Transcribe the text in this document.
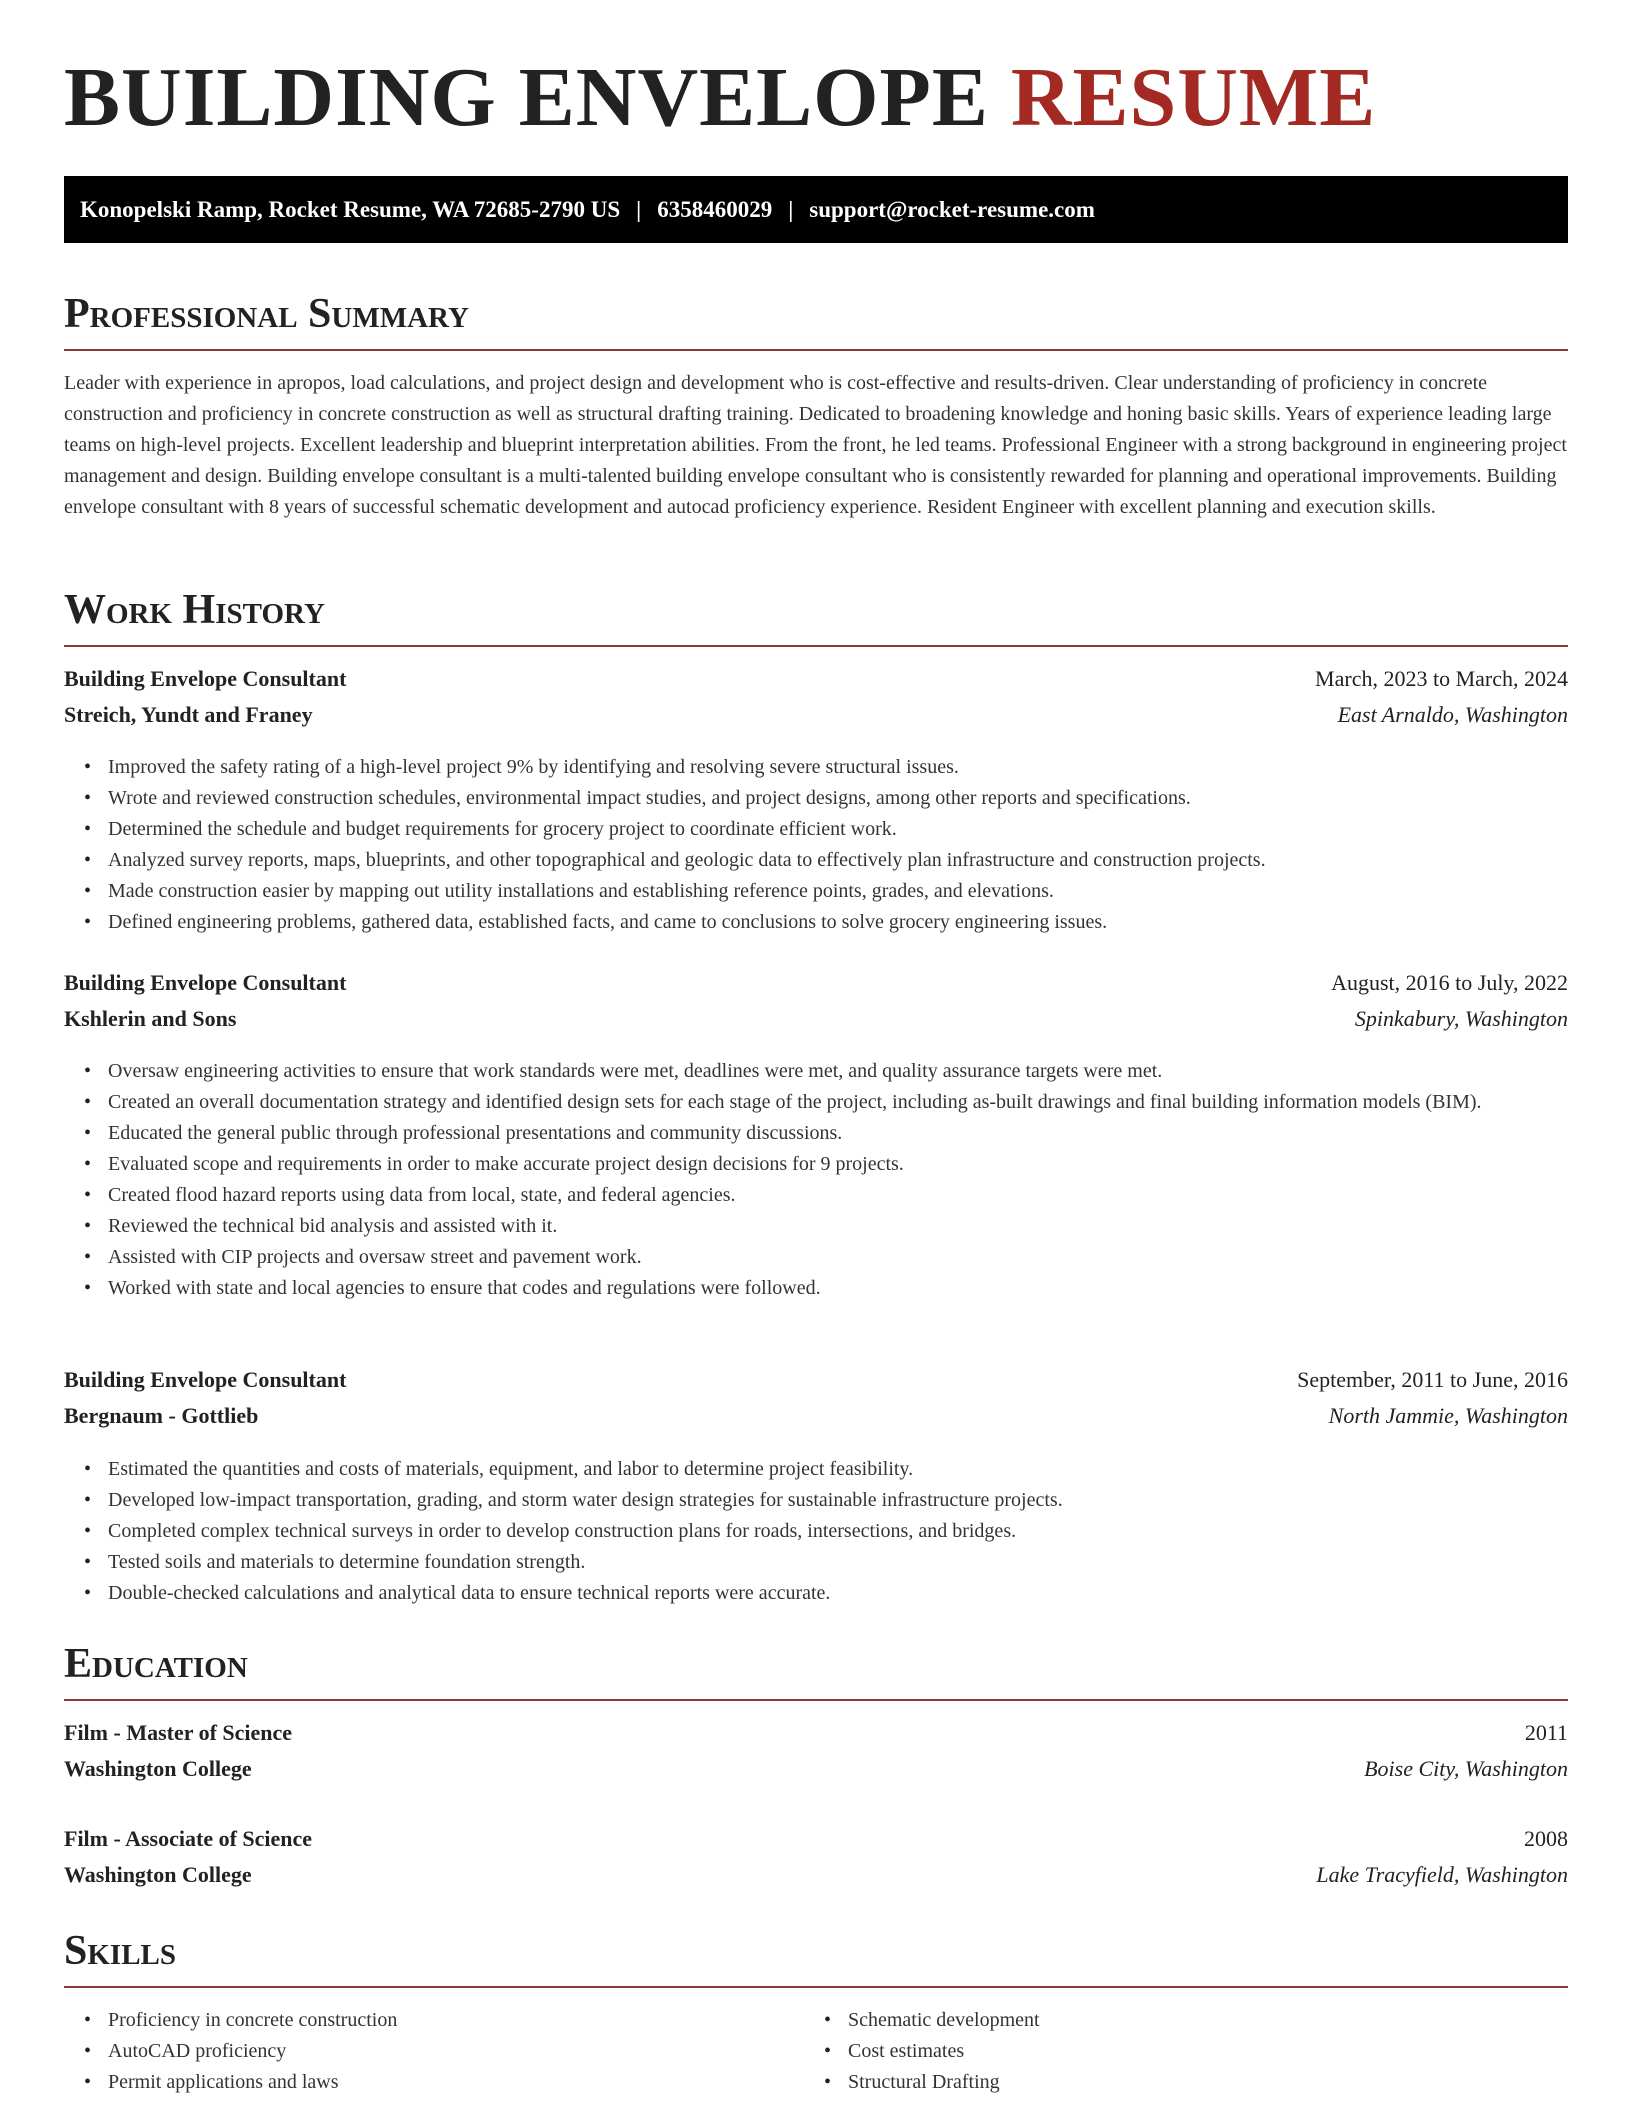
BUILDING ENVELOPE RESUME
Konopelski Ramp, Rocket Resume, WA 72685-2790 US | 6358460029 | support@rocket-resume.com
Professional Summary
Leader with experience in apropos, load calculations, and project design and development who is cost-effective and results-driven. Clear understanding of proficiency in concrete construction and proficiency in concrete construction as well as structural drafting training. Dedicated to broadening knowledge and honing basic skills. Years of experience leading large teams on high-level projects. Excellent leadership and blueprint interpretation abilities. From the front, he led teams. Professional Engineer with a strong background in engineering project management and design. Building envelope consultant is a multi-talented building envelope consultant who is consistently rewarded for planning and operational improvements. Building envelope consultant with 8 years of successful schematic development and autocad proficiency experience. Resident Engineer with excellent planning and execution skills.
Work History
Building Envelope Consultant	March, 2023 to March, 2024
Streich, Yundt and Franey	East Arnaldo, Washington
• Improved the safety rating of a high-level project 9% by identifying and resolving severe structural issues.
• Wrote and reviewed construction schedules, environmental impact studies, and project designs, among other reports and specifications.
• Determined the schedule and budget requirements for grocery project to coordinate efficient work.
• Analyzed survey reports, maps, blueprints, and other topographical and geologic data to effectively plan infrastructure and construction projects.
• Made construction easier by mapping out utility installations and establishing reference points, grades, and elevations.
• Defined engineering problems, gathered data, established facts, and came to conclusions to solve grocery engineering issues.
Building Envelope Consultant	August, 2016 to July, 2022
Kshlerin and Sons	Spinkabury, Washington
• Oversaw engineering activities to ensure that work standards were met, deadlines were met, and quality assurance targets were met.
• Created an overall documentation strategy and identified design sets for each stage of the project, including as-built drawings and final building information models (BIM).
• Educated the general public through professional presentations and community discussions.
• Evaluated scope and requirements in order to make accurate project design decisions for 9 projects.
• Created flood hazard reports using data from local, state, and federal agencies.
• Reviewed the technical bid analysis and assisted with it.
• Assisted with CIP projects and oversaw street and pavement work.
• Worked with state and local agencies to ensure that codes and regulations were followed.
Building Envelope Consultant	September, 2011 to June, 2016
Bergnaum - Gottlieb	North Jammie, Washington
• Estimated the quantities and costs of materials, equipment, and labor to determine project feasibility.
• Developed low-impact transportation, grading, and storm water design strategies for sustainable infrastructure projects.
• Completed complex technical surveys in order to develop construction plans for roads, intersections, and bridges.
• Tested soils and materials to determine foundation strength.
• Double-checked calculations and analytical data to ensure technical reports were accurate.
Education
Film - Master of Science	2011
Washington College	Boise City, Washington
Film - Associate of Science	2008
Washington College	Lake Tracyfield, Washington
Skills
• Proficiency in concrete construction
• AutoCAD proficiency
• Permit applications and laws
• Schematic development
• Cost estimates
• Structural Drafting
